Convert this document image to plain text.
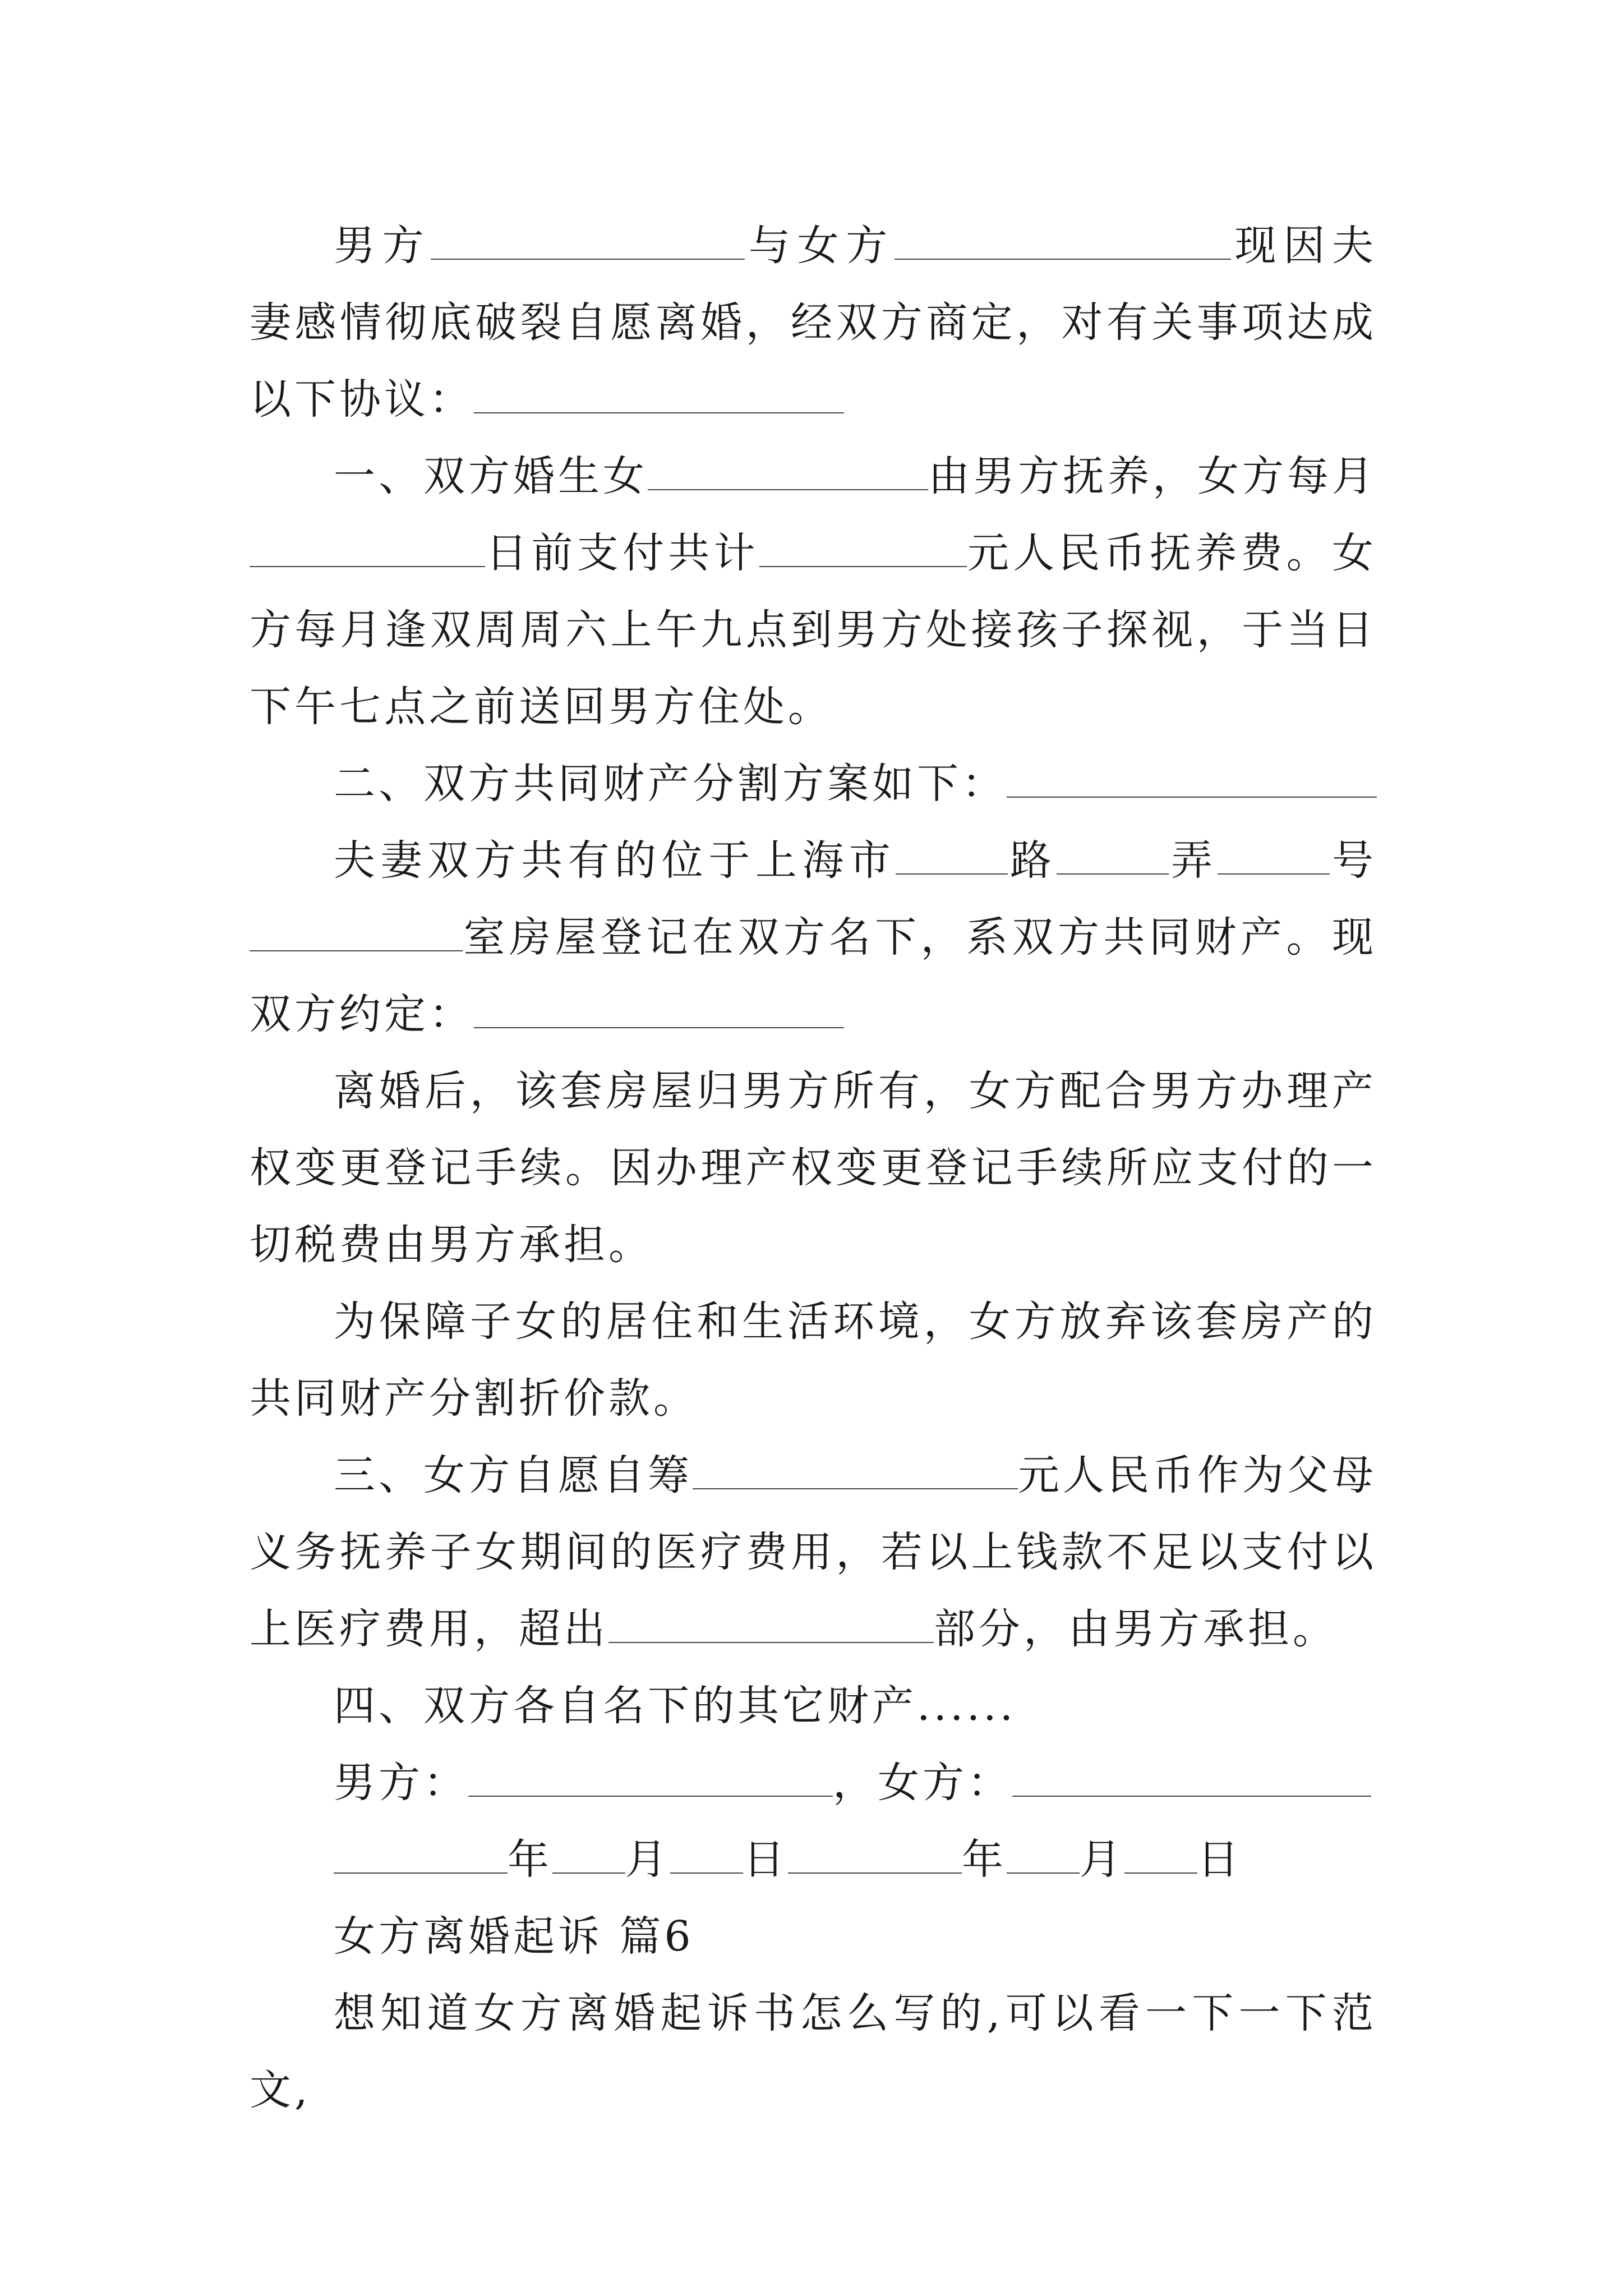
男方	与女方	现因夫妻感情彻底破裂自愿离婚，经双方商定，对有关事项达成以下协议：

一、双方婚生女	由男方抚养，女方每月 日前支付共计	元人民币抚养费。女方每月逢双周周六上午九点到男方处接孩子探视，于当日下午七点之前送回男方住处。

二、双方共同财产分割方案如下：

夫妻双方共有的位于上海市	路	弄	号 室房屋登记在双方名下，系双方共同财产。现双方约定：

离婚后，该套房屋归男方所有，女方配合男方办理产权变更登记手续。因办理产权变更登记手续所应支付的一切税费由男方承担。

为保障子女的居住和生活环境，女方放弃该套房产的共同财产分割折价款。

三、女方自愿自筹	元人民币作为父母义务抚养子女期间的医疗费用，若以上钱款不足以支付以上医疗费用，超出	部分，由男方承担。

四、双方各自名下的其它财产......

男方：	，女方：

年 月 日	年 月 日

女方离婚起诉 篇6

想知道女方离婚起诉书怎么写的,可以看一下一下范文,
